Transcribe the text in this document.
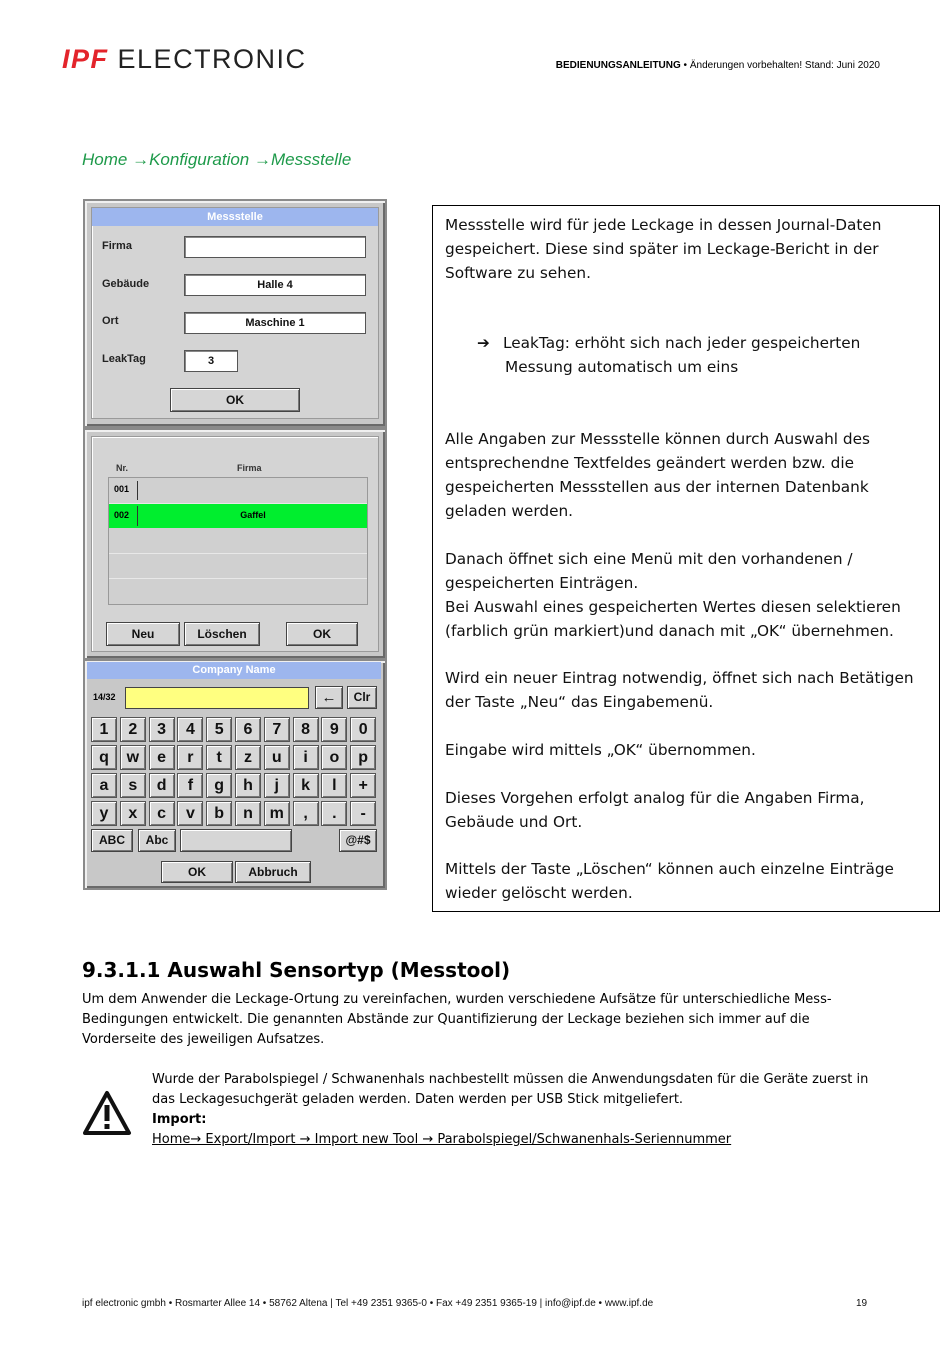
IPF ELECTRONIC	BEDIENUNGSANLEITUNG • Änderungen vorbehalten! Stand: Juni 2020
Home →Konfiguration →Messstelle
Messstelle
Firma
Gebäude	Halle 4
Ort	Maschine 1
LeakTag	3
OK
Nr.	Firma
001
002	Gaffel
Neu	Löschen	OK
Company Name
14/32	←	Clr
1	2	3	4	5	6	7	8	9	0
q	w	e	r	t	z	u	i	o	p
a	s	d	f	g	h	j	k	l	+
y	x	c	v	b	n	m	,	.	-
ABC	Abc	@#$
OK	Abbruch
Messstelle wird für jede Leckage in dessen Journal-Daten gespeichert. Diese sind später im Leckage-Bericht in der Software zu sehen.
➔ LeakTag: erhöht sich nach jeder gespeicherten
Messung automatisch um eins
Alle Angaben zur Messstelle können durch Auswahl des entsprechendne Textfeldes geändert werden bzw. die gespeicherten Messstellen aus der internen Datenbank geladen werden.
Danach öffnet sich eine Menü mit den vorhandenen / gespeicherten Einträgen.
Bei Auswahl eines gespeicherten Wertes diesen selektieren (farblich grün markiert)und danach mit „OK“ übernehmen.
Wird ein neuer Eintrag notwendig, öffnet sich nach Betätigen der Taste „Neu“ das Eingabemenü.
Eingabe wird mittels „OK“ übernommen.
Dieses Vorgehen erfolgt analog für die Angaben Firma, Gebäude und Ort.
Mittels der Taste „Löschen“ können auch einzelne Einträge wieder gelöscht werden.
9.3.1.1 Auswahl Sensortyp (Messtool)
Um dem Anwender die Leckage-Ortung zu vereinfachen, wurden verschiedene Aufsätze für unterschiedliche Mess-Bedingungen entwickelt. Die genannten Abstände zur Quantifizierung der Leckage beziehen sich immer auf die Vorderseite des jeweiligen Aufsatzes.
Wurde der Parabolspiegel / Schwanenhals nachbestellt müssen die Anwendungsdaten für die Geräte zuerst in das Leckagesuchgerät geladen werden. Daten werden per USB Stick mitgeliefert.
Import:
Home→ Export/Import → Import new Tool → Parabolspiegel/Schwanenhals-Seriennummer
ipf electronic gmbh • Rosmarter Allee 14 • 58762 Altena | Tel +49 2351 9365-0 • Fax +49 2351 9365-19 | info@ipf.de • www.ipf.de	19
